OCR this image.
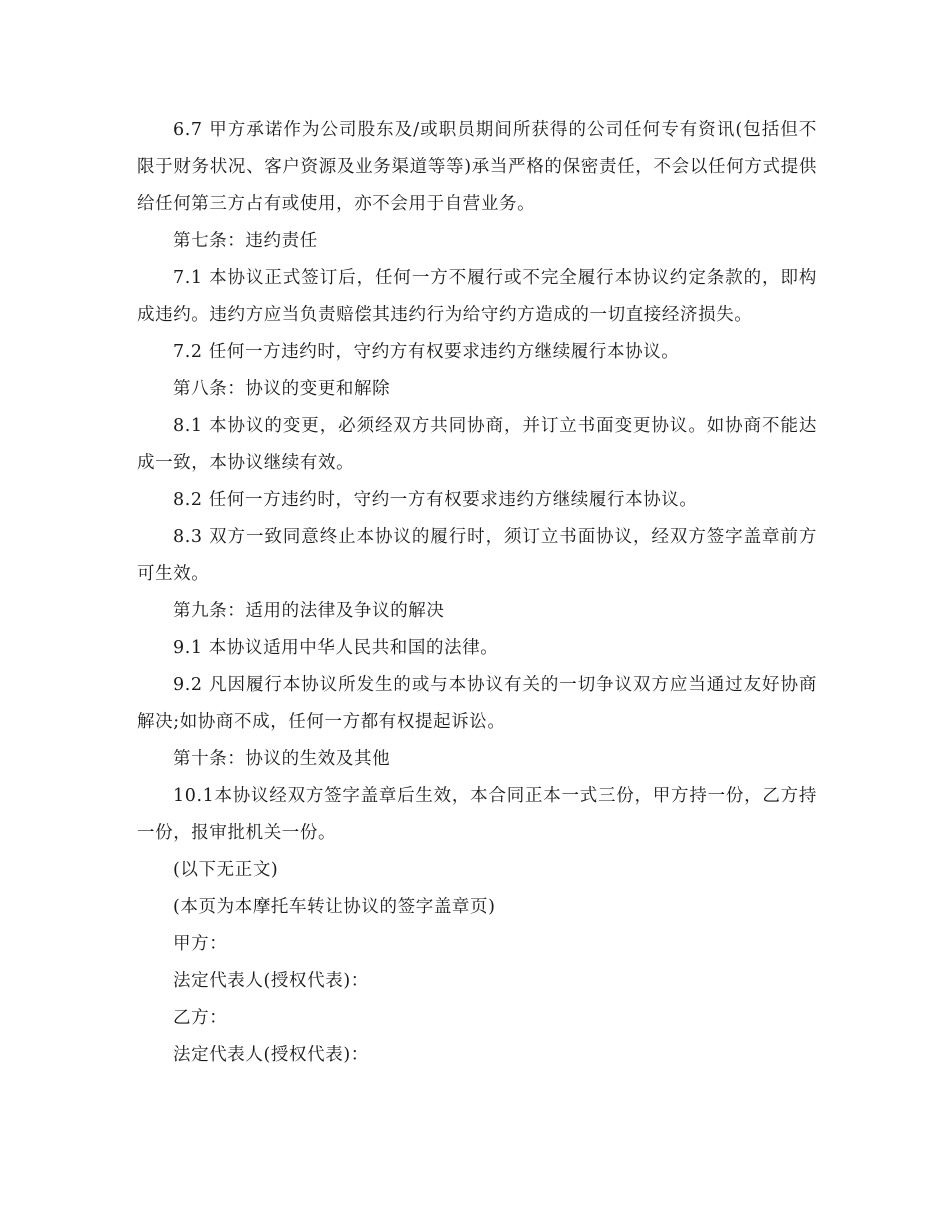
6.7 甲方承诺作为公司股东及/或职员期间所获得的公司任何专有资讯(包括但不限于财务状况、客户资源及业务渠道等等)承当严格的保密责任，不会以任何方式提供给任何第三方占有或使用，亦不会用于自营业务。

第七条：违约责任

7.1 本协议正式签订后，任何一方不履行或不完全履行本协议约定条款的，即构成违约。违约方应当负责赔偿其违约行为给守约方造成的一切直接经济损失。

7.2 任何一方违约时，守约方有权要求违约方继续履行本协议。

第八条：协议的变更和解除

8.1 本协议的变更，必须经双方共同协商，并订立书面变更协议。如协商不能达成一致，本协议继续有效。

8.2 任何一方违约时，守约一方有权要求违约方继续履行本协议。

8.3 双方一致同意终止本协议的履行时，须订立书面协议，经双方签字盖章前方可生效。

第九条：适用的法律及争议的解决

9.1 本协议适用中华人民共和国的法律。

9.2 凡因履行本协议所发生的或与本协议有关的一切争议双方应当通过友好协商解决;如协商不成，任何一方都有权提起诉讼。

第十条：协议的生效及其他

10.1本协议经双方签字盖章后生效，本合同正本一式三份，甲方持一份，乙方持一份，报审批机关一份。

(以下无正文)

(本页为本摩托车转让协议的签字盖章页)

甲方：

法定代表人(授权代表)：

乙方：

法定代表人(授权代表)：
